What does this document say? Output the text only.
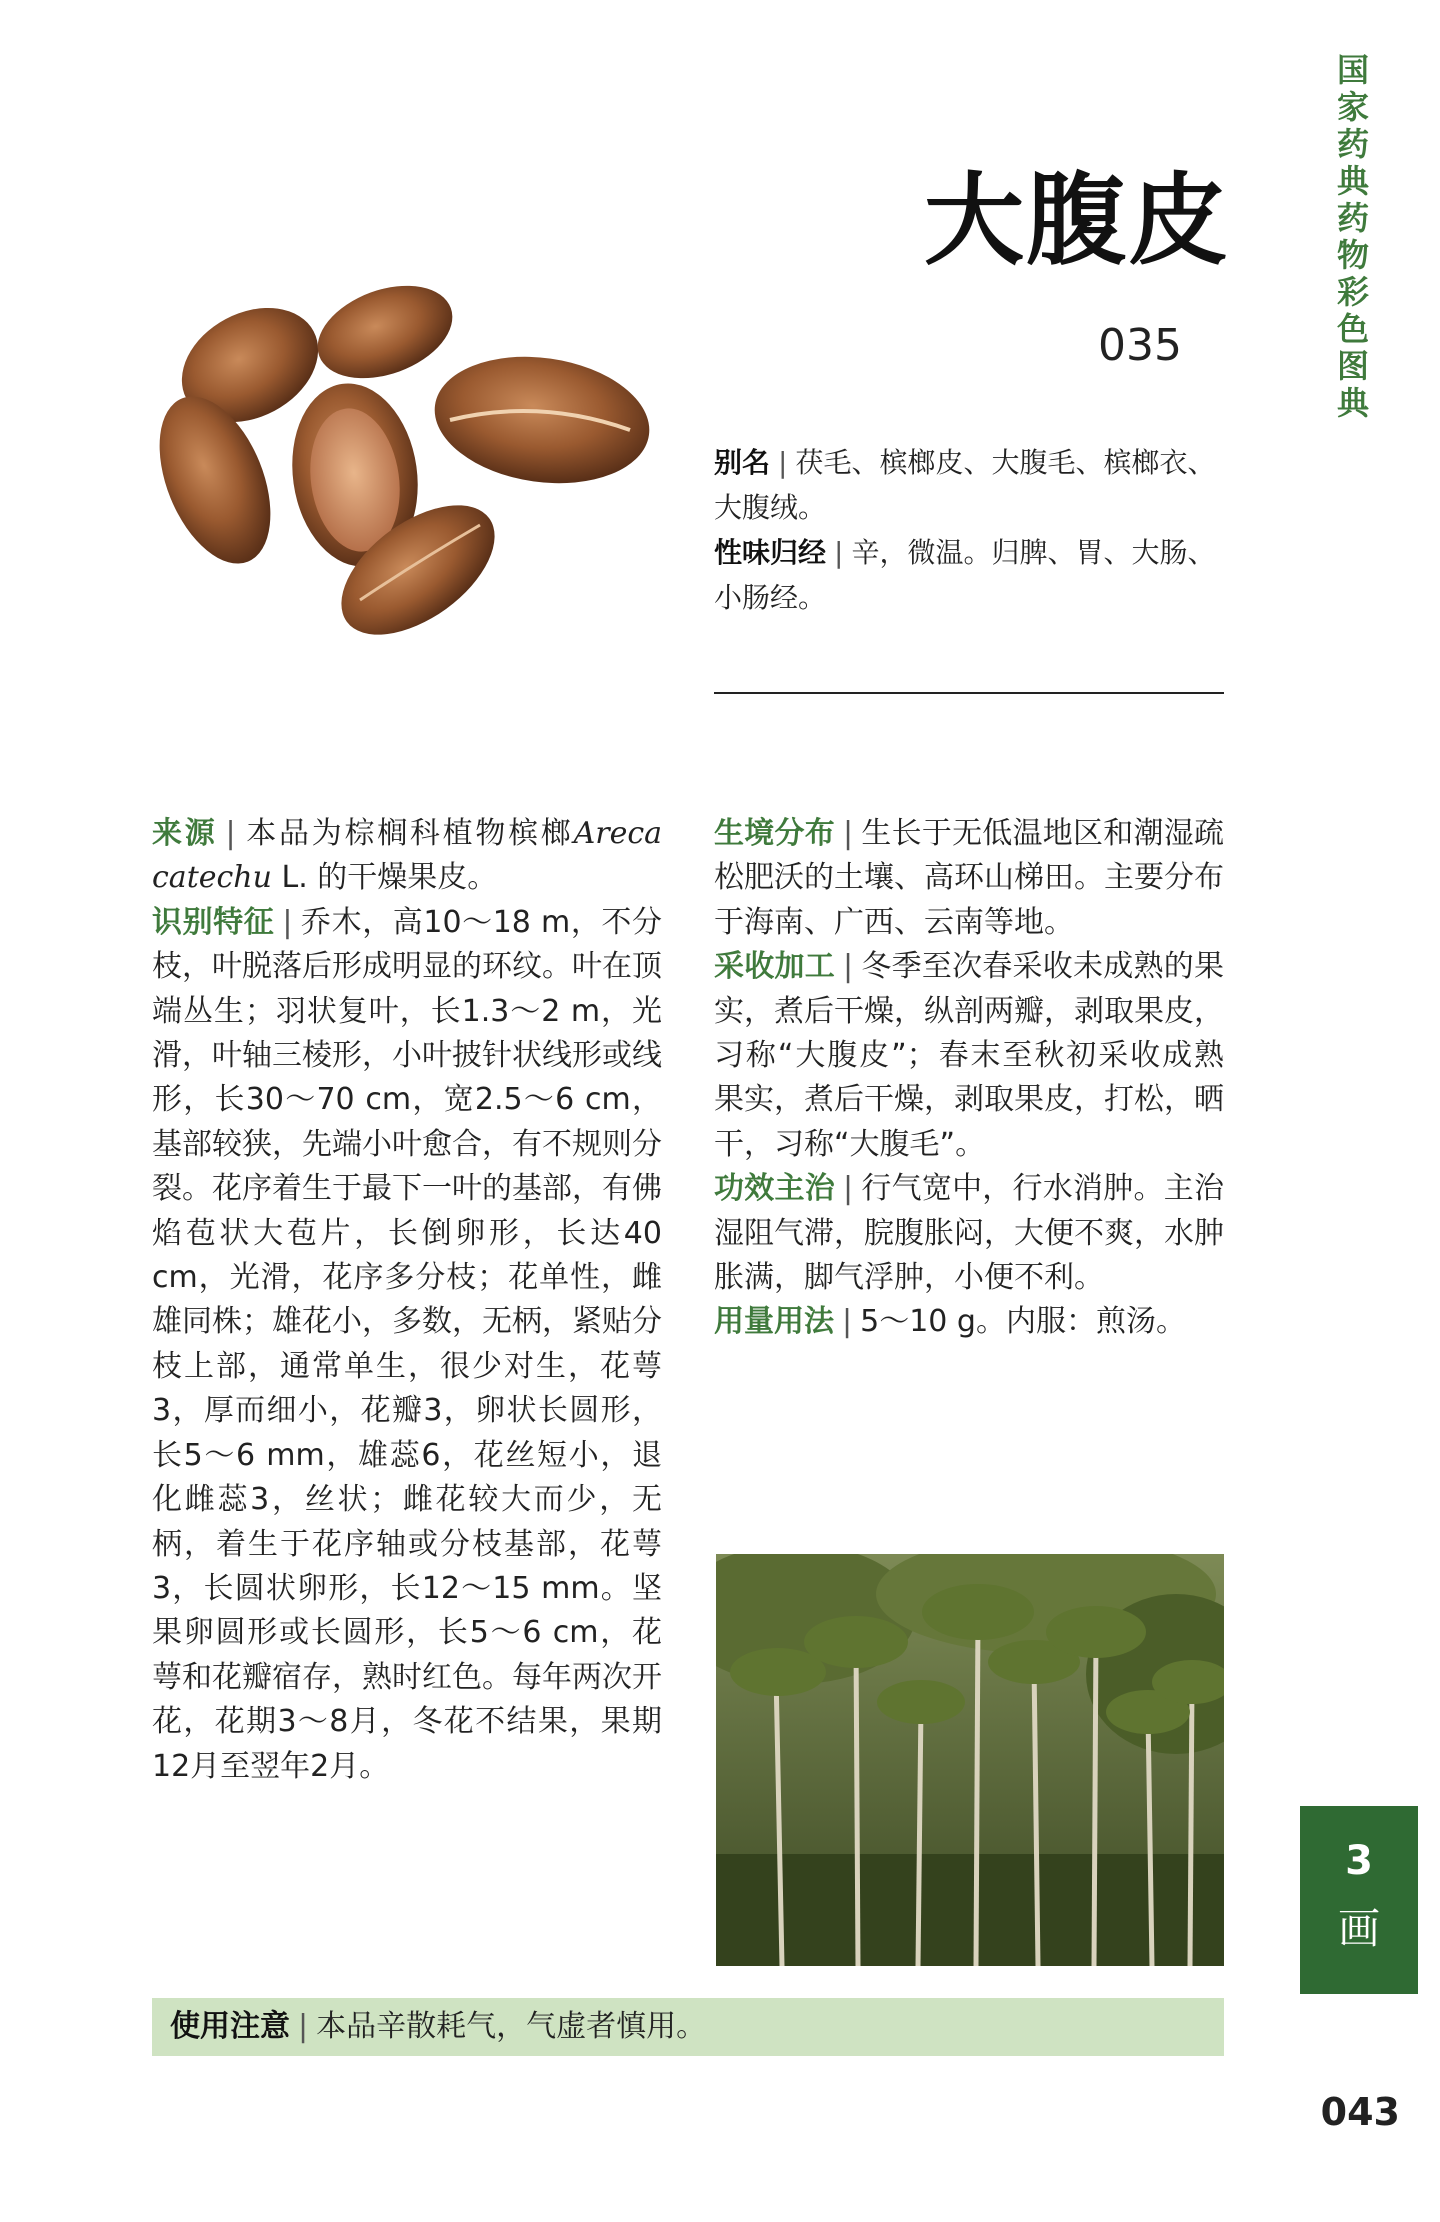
国家药典药物彩色图典
大腹皮
035

别名 | 茯毛、槟榔皮、大腹毛、槟榔衣、大腹绒。

性味归经 | 辛，微温。归脾、胃、大肠、小肠经。

来源 | 本品为棕榈科植物槟榔Areca catechu L. 的干燥果皮。

识别特征 | 乔木，高10～18 m，不分枝，叶脱落后形成明显的环纹。叶在顶端丛生；羽状复叶，长1.3～2 m，光滑，叶轴三棱形，小叶披针状线形或线形，长30～70 cm，宽2.5～6 cm，基部较狭，先端小叶愈合，有不规则分裂。花序着生于最下一叶的基部，有佛焰苞状大苞片，长倒卵形，长达40 cm，光滑，花序多分枝；花单性，雌雄同株；雄花小，多数，无柄，紧贴分枝上部，通常单生，很少对生，花萼3，厚而细小，花瓣3，卵状长圆形，长5～6 mm，雄蕊6，花丝短小，退化雌蕊3，丝状；雌花较大而少，无柄，着生于花序轴或分枝基部，花萼3，长圆状卵形，长12～15 mm。坚果卵圆形或长圆形，长5～6 cm，花萼和花瓣宿存，熟时红色。每年两次开花，花期3～8月，冬花不结果，果期12月至翌年2月。

生境分布 | 生长于无低温地区和潮湿疏松肥沃的土壤、高环山梯田。主要分布于海南、广西、云南等地。

采收加工 | 冬季至次春采收未成熟的果实，煮后干燥，纵剖两瓣，剥取果皮，习称“大腹皮”；春末至秋初采收成熟果实，煮后干燥，剥取果皮，打松，晒干，习称“大腹毛”。

功效主治 | 行气宽中，行水消肿。主治湿阻气滞，脘腹胀闷，大便不爽，水肿胀满，脚气浮肿，小便不利。

用量用法 | 5～10 g。内服：煎汤。

3
画
使用注意 | 本品辛散耗气，气虚者慎用。
043
